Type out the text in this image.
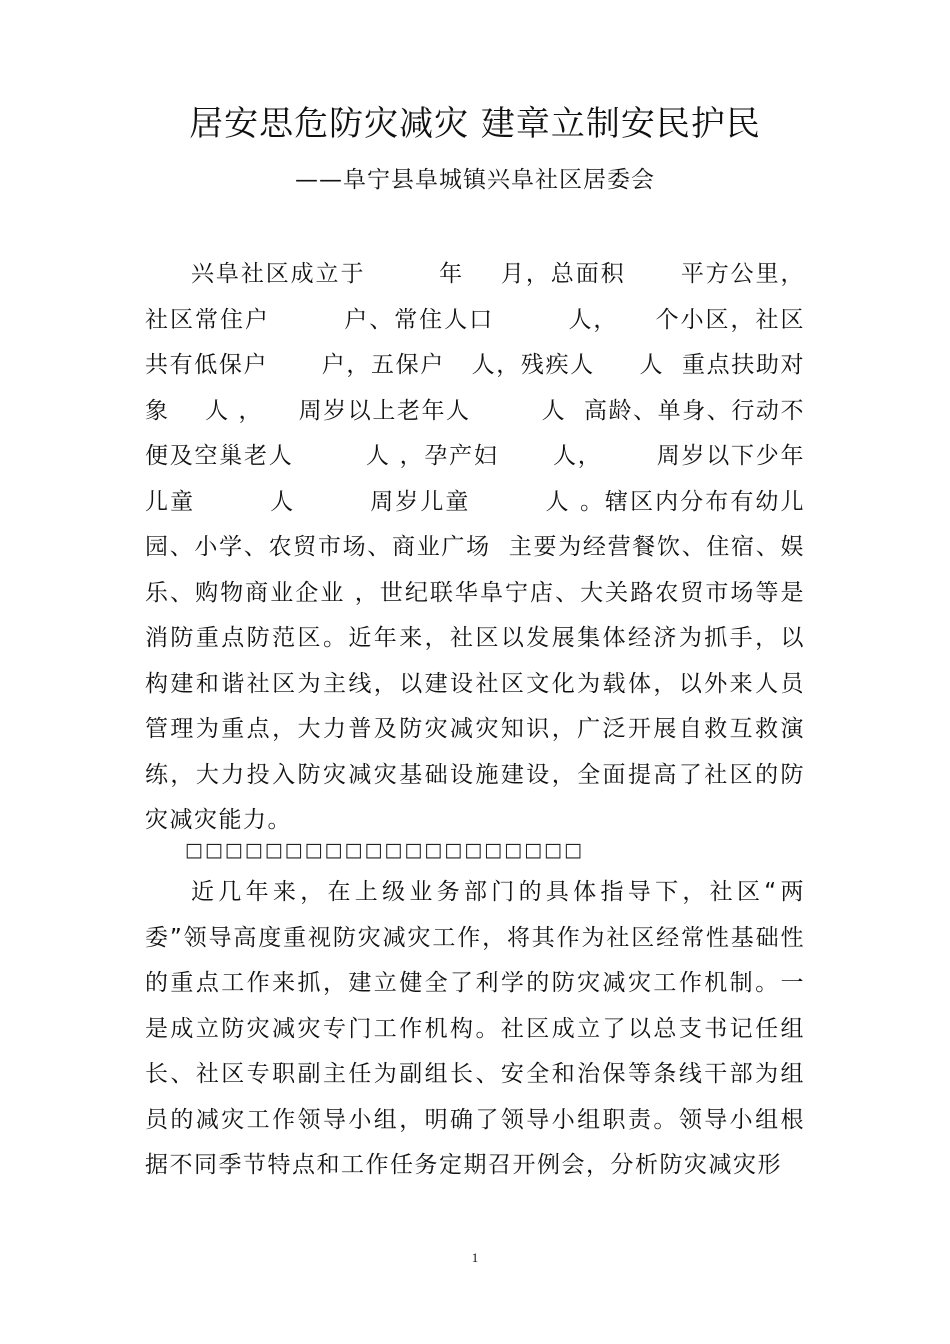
居安思危防灾减灾 建章立制安民护民
——阜宁县阜城镇兴阜社区居委会

兴阜社区成立于        年    月，总面积      平方公里，社区常住户        户、常住人口        人，    个小区，社区共有低保户      户，五保户   人，残疾人     人  重点扶助对象    人 ，    周岁以上老年人        人  高龄、单身、行动不便及空巢老人        人 ，孕产妇      人，      周岁以下少年儿童        人        周岁儿童        人 。辖区内分布有幼儿园、小学、农贸市场、商业广场  主要为经营餐饮、住宿、娱乐、购物商业企业 ，世纪联华阜宁店、大关路农贸市场等是消防重点防范区。近年来，社区以发展集体经济为抓手，以构建和谐社区为主线，以建设社区文化为载体，以外来人员管理为重点，大力普及防灾减灾知识，广泛开展自救互救演练，大力投入防灾减灾基础设施建设，全面提高了社区的防灾减灾能力。

□□□□□□□□□□□□□□□□□□□□

近几年来，在上级业务部门的具体指导下，社区“两委”领导高度重视防灾减灾工作，将其作为社区经常性基础性的重点工作来抓，建立健全了利学的防灾减灾工作机制。一是成立防灾减灾专门工作机构。社区成立了以总支书记任组长、社区专职副主任为副组长、安全和治保等条线干部为组员的减灾工作领导小组，明确了领导小组职责。领导小组根据不同季节特点和工作任务定期召开例会，分析防灾减灾形

1
